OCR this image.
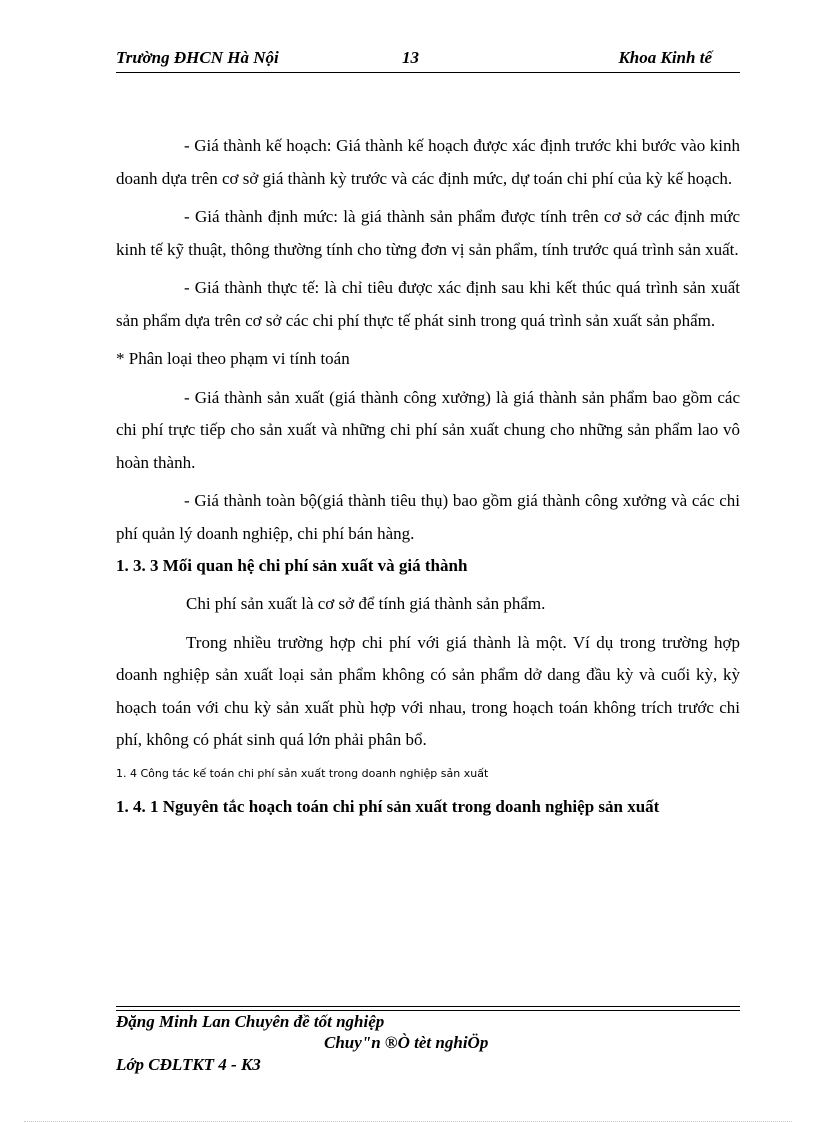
Trường ĐHCN Hà Nội	13	Khoa Kinh tế

- Giá thành kế hoạch: Giá thành kế hoạch được xác định trước khi bước vào kinh doanh dựa trên cơ sở giá thành kỳ trước và các định mức, dự toán chi phí của kỳ kế hoạch.

- Giá thành định mức: là giá thành sản phẩm được tính trên cơ sở các định mức kinh tế kỹ thuật, thông thường tính cho từng đơn vị sản phẩm, tính trước quá trình sản xuất.

- Giá thành thực tế: là chỉ tiêu được xác định sau khi kết thúc quá trình sản xuất sản phẩm dựa trên cơ sở các chi phí thực tế phát sinh trong quá trình sản xuất sản phẩm.

* Phân loại theo phạm vi tính toán

- Giá thành sản xuất (giá thành công xưởng) là giá thành sản phẩm bao gồm các chi phí trực tiếp cho sản xuất và những chi phí sản xuất chung cho những sản phẩm lao vô hoàn thành.

- Giá thành toàn bộ(giá thành tiêu thụ) bao gồm giá thành công xưởng và các chi phí quản lý doanh nghiệp, chi phí bán hàng.

1. 3. 3 Mối quan hệ chi phí sản xuất và giá thành

Chi phí sản xuất là cơ sở để tính giá thành sản phẩm.

Trong nhiều trường hợp chi phí với giá thành là một. Ví dụ trong trường hợp doanh nghiệp sản xuất loại sản phẩm không có sản phẩm dở dang đầu kỳ và cuối kỳ, kỳ hoạch toán với chu kỳ sản xuất phù hợp với nhau, trong hoạch toán không trích trước chi phí, không có phát sinh quá lớn phải phân bổ.

1. 4 Công tác kế toán chi phí sản xuất trong doanh nghiệp sản xuất

1. 4. 1 Nguyên tắc hoạch toán chi phí sản xuất trong doanh nghiệp sản xuất

Đặng Minh Lan Chuyên đề tốt nghiệp
Chuy"n ®Ò tèt nghiÖp
Lớp CĐLTKT 4 - K3
